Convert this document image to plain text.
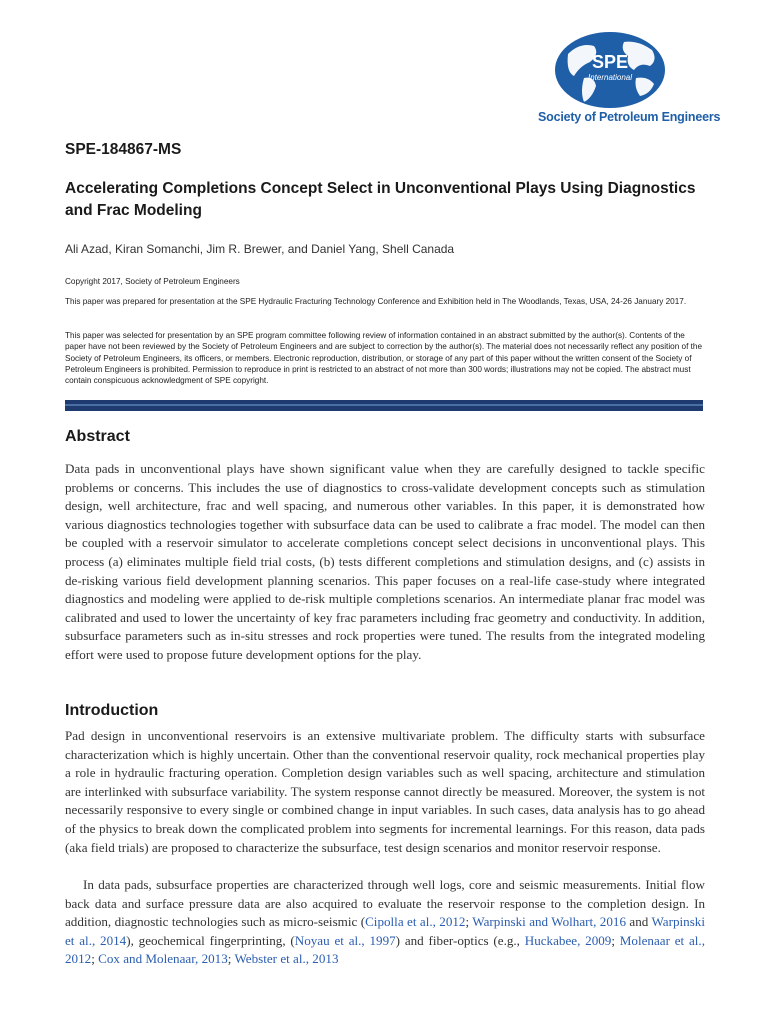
SPE
International
Society of Petroleum Engineers
SPE-184867-MS
Accelerating Completions Concept Select in Unconventional Plays Using Diagnostics and Frac Modeling
Ali Azad, Kiran Somanchi, Jim R. Brewer, and Daniel Yang, Shell Canada
Copyright 2017, Society of Petroleum Engineers
This paper was prepared for presentation at the SPE Hydraulic Fracturing Technology Conference and Exhibition held in The Woodlands, Texas, USA, 24-26 January 2017.
This paper was selected for presentation by an SPE program committee following review of information contained in an abstract submitted by the author(s). Contents of the paper have not been reviewed by the Society of Petroleum Engineers and are subject to correction by the author(s). The material does not necessarily reflect any position of the Society of Petroleum Engineers, its officers, or members. Electronic reproduction, distribution, or storage of any part of this paper without the written consent of the Society of Petroleum Engineers is prohibited. Permission to reproduce in print is restricted to an abstract of not more than 300 words; illustrations may not be copied. The abstract must contain conspicuous acknowledgment of SPE copyright.
Abstract
Data pads in unconventional plays have shown significant value when they are carefully designed to tackle specific problems or concerns. This includes the use of diagnostics to cross-validate development concepts such as stimulation design, well architecture, frac and well spacing, and numerous other variables. In this paper, it is demonstrated how various diagnostics technologies together with subsurface data can be used to calibrate a frac model. The model can then be coupled with a reservoir simulator to accelerate completions concept select decisions in unconventional plays. This process (a) eliminates multiple field trial costs, (b) tests different completions and stimulation designs, and (c) assists in de-risking various field development planning scenarios. This paper focuses on a real-life case-study where integrated diagnostics and modeling were applied to de-risk multiple completions scenarios. An intermediate planar frac model was calibrated and used to lower the uncertainty of key frac parameters including frac geometry and conductivity. In addition, subsurface parameters such as in-situ stresses and rock properties were tuned. The results from the integrated modeling effort were used to propose future development options for the play.
Introduction
Pad design in unconventional reservoirs is an extensive multivariate problem. The difficulty starts with subsurface characterization which is highly uncertain. Other than the conventional reservoir quality, rock mechanical properties play a role in hydraulic fracturing operation. Completion design variables such as well spacing, architecture and stimulation are interlinked with subsurface variability. The system response cannot directly be measured. Moreover, the system is not necessarily responsive to every single or combined change in input variables. In such cases, data analysis has to go ahead of the physics to break down the complicated problem into segments for incremental learnings. For this reason, data pads (aka field trials) are proposed to characterize the subsurface, test design scenarios and monitor reservoir response.
In data pads, subsurface properties are characterized through well logs, core and seismic measurements. Initial flow back data and surface pressure data are also acquired to evaluate the reservoir response to the completion design. In addition, diagnostic technologies such as micro-seismic (Cipolla et al., 2012; Warpinski and Wolhart, 2016 and Warpinski et al., 2014), geochemical fingerprinting, (Noyau et al., 1997) and fiber-optics (e.g., Huckabee, 2009; Molenaar et al., 2012; Cox and Molenaar, 2013; Webster et al., 2013
